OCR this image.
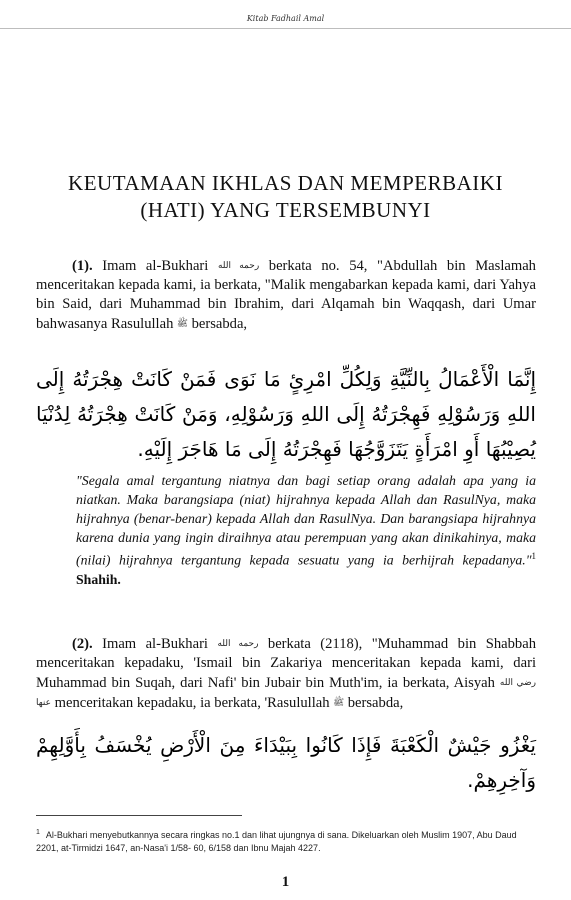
Kitab Fadhail Amal
KEUTAMAAN IKHLAS DAN MEMPERBAIKI
(HATI) YANG TERSEMBUNYI

(1). Imam al-Bukhari رحمه الله berkata no. 54, "Abdullah bin Maslamah menceritakan kepada kami, ia berkata, "Malik mengabarkan kepada kami, dari Yahya bin Said, dari Muhammad bin Ibrahim, dari Alqamah bin Waqqash, dari Umar bahwasanya Rasulullah ﷺ bersabda,

إِنَّمَا الْأَعْمَالُ بِالنِّيَّةِ وَلِكُلِّ امْرِئٍ مَا نَوَى فَمَنْ كَانَتْ هِجْرَتُهُ إِلَى اللهِ وَرَسُوْلِهِ فَهِجْرَتُهُ إِلَى اللهِ وَرَسُوْلِهِ، وَمَنْ كَانَتْ هِجْرَتُهُ لِدُنْيَا يُصِيْبُهَا أَوِ امْرَأَةٍ يَتَزَوَّجُهَا فَهِجْرَتُهُ إِلَى مَا هَاجَرَ إِلَيْهِ.
"Segala amal tergantung niatnya dan bagi setiap orang adalah apa yang ia niatkan. Maka barangsiapa (niat) hijrahnya kepada Allah dan RasulNya, maka hijrahnya (benar-benar) kepada Allah dan RasulNya. Dan barangsiapa hijrahnya karena dunia yang ingin diraihnya atau perempuan yang akan dinikahinya, maka (nilai) hijrahnya tergantung kepada sesuatu yang ia berhijrah kepadanya."$^1$ Shahih.

(2). Imam al-Bukhari رحمه الله berkata (2118), "Muhammad bin Shabbah menceritakan kepadaku, 'Ismail bin Zakariya menceritakan kepada kami, dari Muhammad bin Suqah, dari Nafi' bin Jubair bin Muth'im, ia berkata, Aisyah رضي الله عنها menceritakan kepadaku, ia berkata, 'Rasulullah ﷺ bersabda,

يَغْزُو جَيْشٌ الْكَعْبَةَ فَإِذَا كَانُوا بِبَيْدَاءَ مِنَ الْأَرْضِ يُخْسَفُ بِأَوَّلِهِمْ وَآخِرِهِمْ.
$^1$ Al-Bukhari menyebutkannya secara ringkas no.1 dan lihat ujungnya di sana. Dikeluarkan oleh Muslim 1907, Abu Daud 2201, at-Tirmidzi 1647, an-Nasa'i 1/58- 60, 6/158 dan Ibnu Majah 4227.
1
